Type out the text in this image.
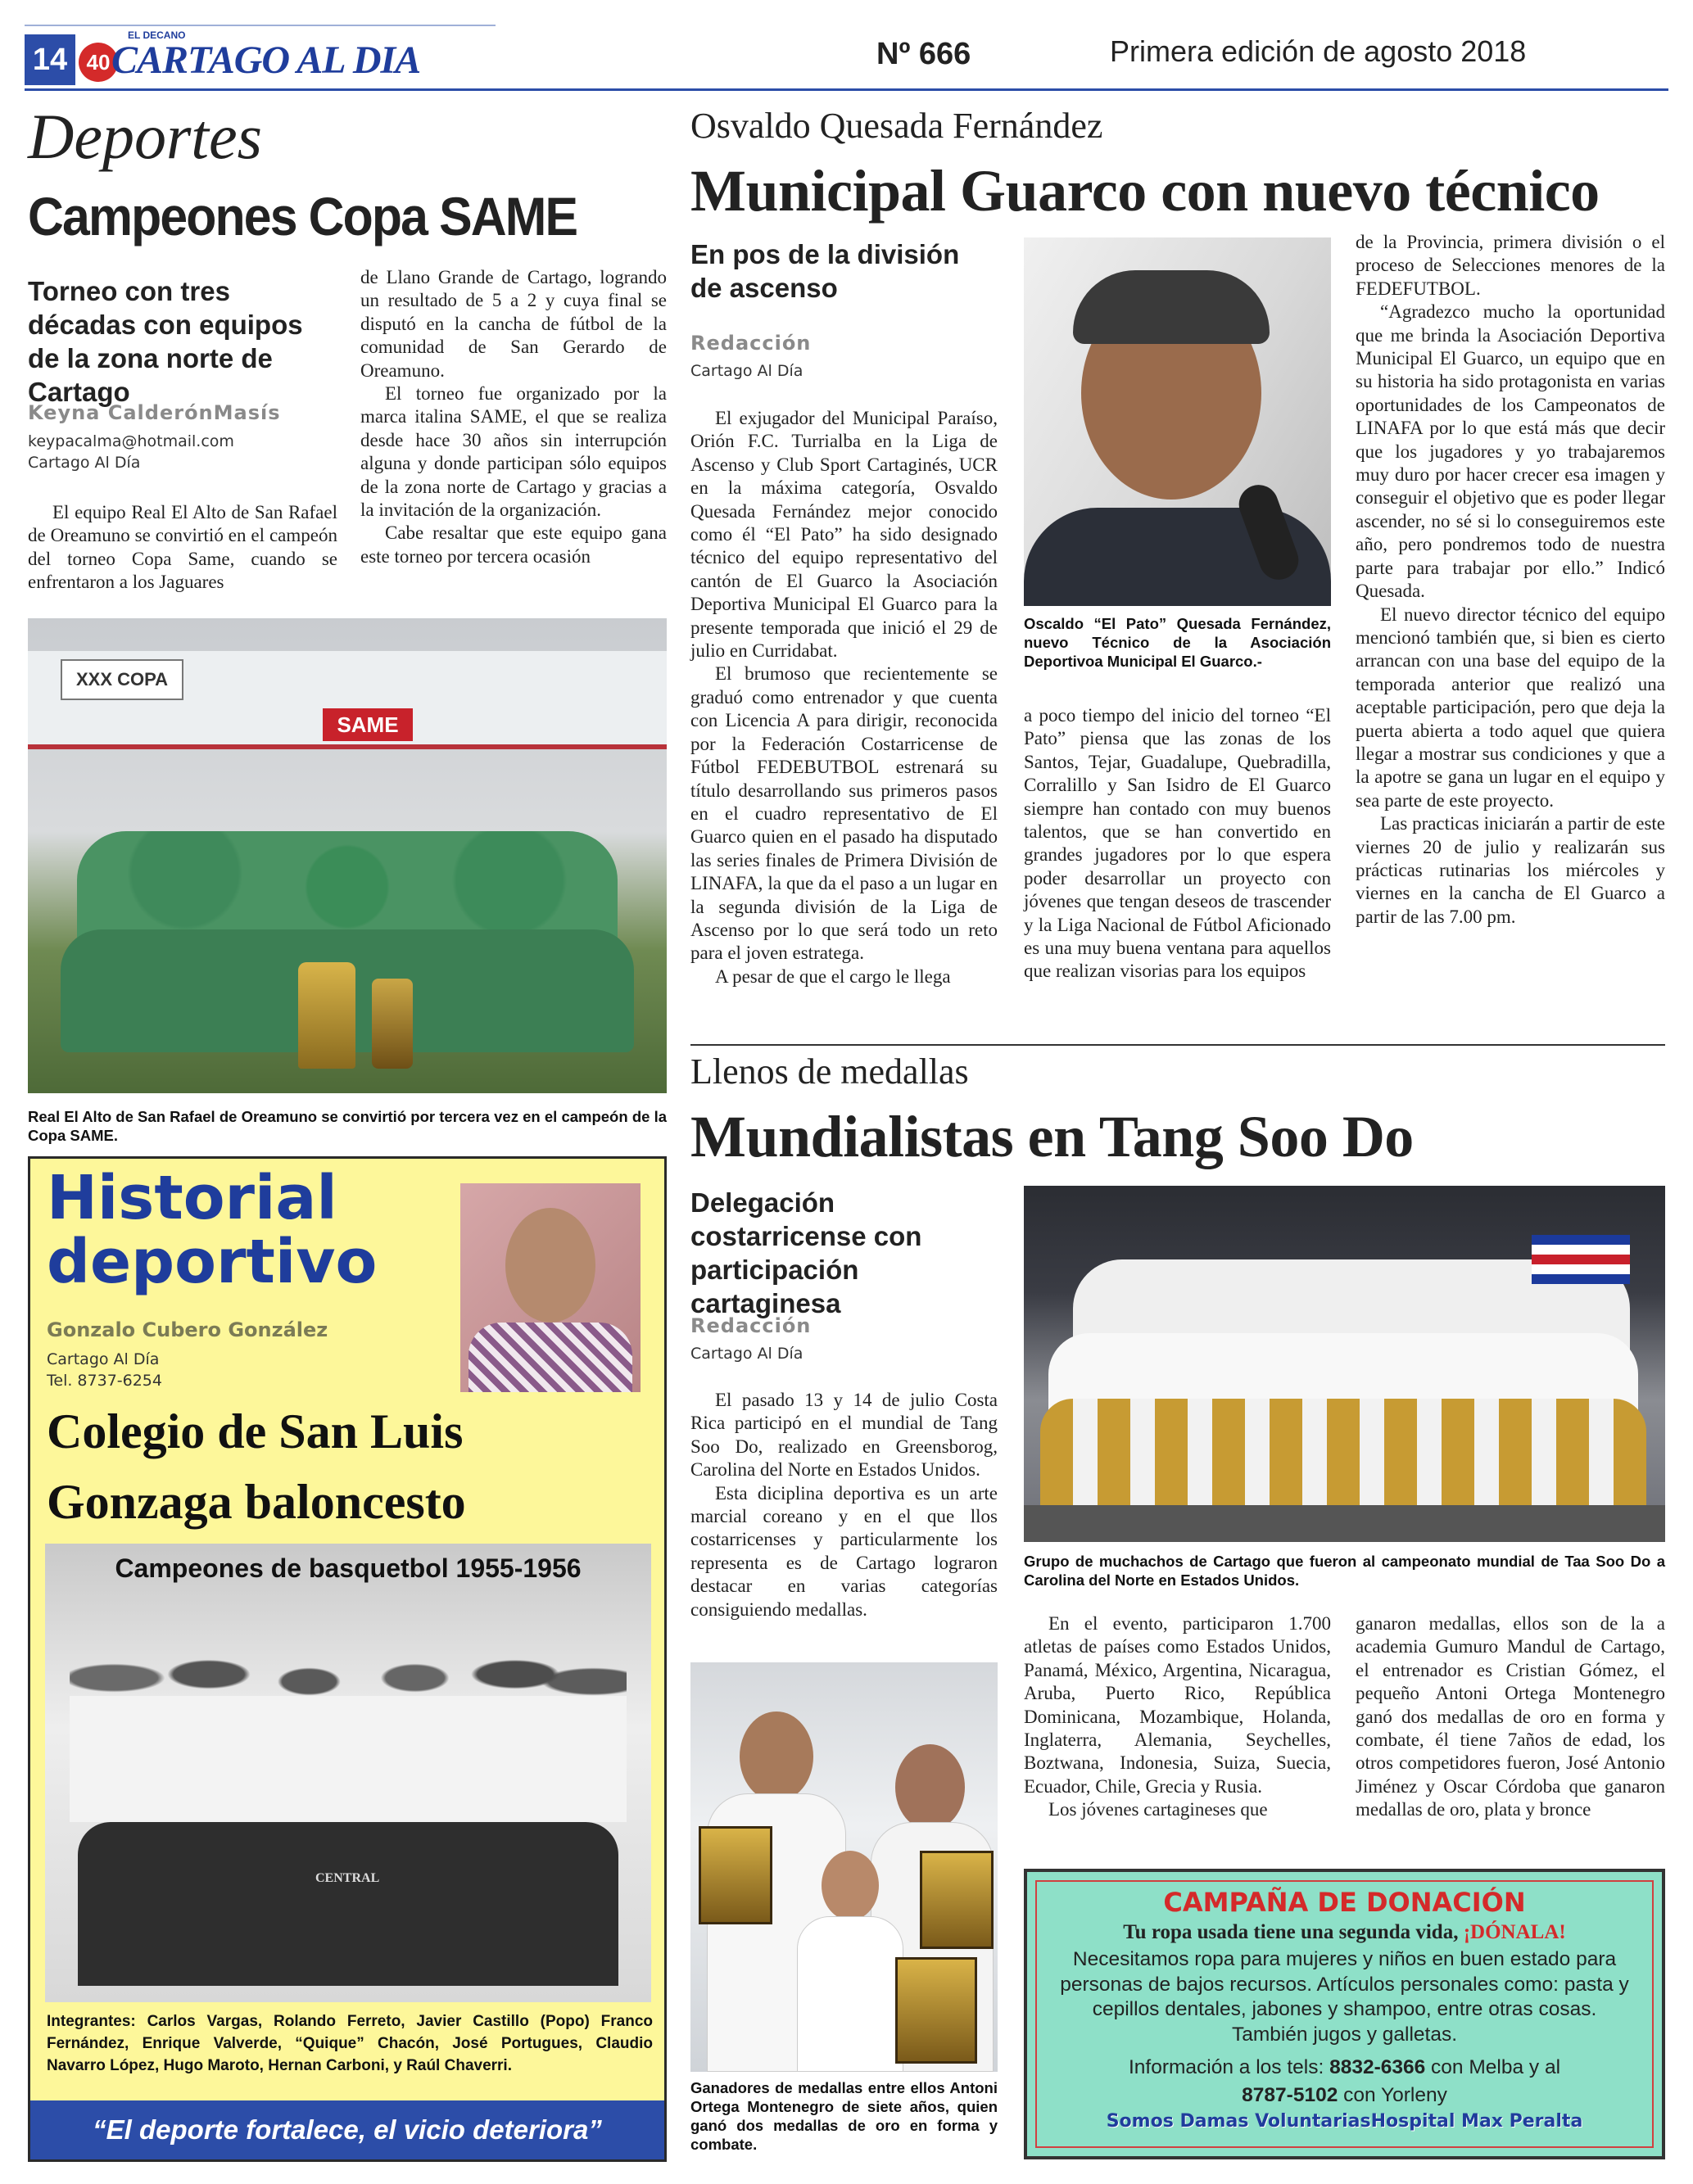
14
EL DECANO
40 CARTAGO AL DIA	Nº 666	Primera edición de agosto 2018
Deportes
Campeones Copa SAME
Torneo con tres décadas con equipos de la zona norte de Cartago
Keyna CalderónMasís
keypacalma@hotmail.com
Cartago Al Día

El equipo Real El Alto de San Rafael de Oreamuno se convirtió en el campeón del torneo Copa Same, cuando se enfrentaron a los Jaguares

de Llano Grande de Cartago, logrando un resultado de 5 a 2 y cuya final se disputó en la cancha de fútbol de la comunidad de San Gerardo de Oreamuno.

El torneo fue organizado por la marca italina SAME, el que se realiza desde hace 30 años sin interrupción alguna y donde participan sólo equipos de la zona norte de Cartago y gracias a la invitación de la organización.

Cabe resaltar que este equipo gana este torneo por tercera ocasión

XXX COPA
SAME
Real El Alto de San Rafael de Oreamuno se convirtió por tercera vez en el campeón de la Copa SAME.
Historial
deportivo
Gonzalo Cubero González
Cartago Al Día
Tel. 8737-6254
Colegio de San Luis Gonzaga baloncesto
Campeones de basquetbol 1955-1956
CENTRAL
Integrantes: Carlos Vargas, Rolando Ferreto, Javier Castillo (Popo) Franco Fernández, Enrique Valverde, “Quique” Chacón, José Portugues, Claudio Navarro López, Hugo Maroto, Hernan Carboni, y Raúl Chaverri.
“El deporte fortalece, el vicio deteriora”
Osvaldo Quesada Fernández
Municipal Guarco con nuevo técnico
En pos de la división de ascenso
Redacción
Cartago Al Día

El exjugador del Municipal Paraíso, Orión F.C. Turrialba en la Liga de Ascenso y Club Sport Cartaginés, UCR en la máxima categoría, Osvaldo Quesada Fernández mejor conocido como él “El Pato” ha sido designado técnico del equipo representativo del cantón de El Guarco la Asociación Deportiva Municipal El Guarco para la presente temporada que inició el 29 de julio en Curridabat.

El brumoso que recientemente se graduó como entrenador y que cuenta con Licencia A para dirigir, reconocida por la Federación Costarricense de Fútbol FEDEBUTBOL estrenará su título desarrollando sus primeros pasos en el cuadro representativo de El Guarco quien en el pasado ha disputado las series finales de Primera División de LINAFA, la que da el paso a un lugar en la segunda división de la Liga de Ascenso por lo que será todo un reto para el joven estratega.

A pesar de que el cargo le llega

Oscaldo “El Pato” Quesada Fernández, nuevo Técnico de la Asociación Deportivoa Municipal El Guarco.-

a poco tiempo del inicio del torneo “El Pato” piensa que las zonas de los Santos, Tejar, Guadalupe, Quebradilla, Corralillo y San Isidro de El Guarco siempre han contado con muy buenos talentos, que se han convertido en grandes jugadores por lo que espera poder desarrollar un proyecto con jóvenes que tengan deseos de trascender y la Liga Nacional de Fútbol Aficionado es una muy buena ventana para aquellos que realizan visorias para los equipos

de la Provincia, primera división o el proceso de Selecciones menores de la FEDEFUTBOL.

“Agradezco mucho la oportunidad que me brinda la Asociación Deportiva Municipal El Guarco, un equipo que en su historia ha sido protagonista en varias oportunidades de los Campeonatos de LINAFA por lo que está más que decir que los jugadores y yo trabajaremos muy duro por hacer crecer esa imagen y conseguir el objetivo que es poder llegar ascender, no sé si lo conseguiremos este año, pero pondremos todo de nuestra parte para trabajar por ello.” Indicó Quesada.

El nuevo director técnico del equipo mencionó también que, si bien es cierto arrancan con una base del equipo de la temporada anterior que realizó una aceptable participación, pero que deja la puerta abierta a todo aquel que quiera llegar a mostrar sus condiciones y que a la apotre se gana un lugar en el equipo y sea parte de este proyecto.

Las practicas iniciarán a partir de este viernes 20 de julio y realizarán sus prácticas rutinarias los miércoles y viernes en la cancha de El Guarco a partir de las 7.00 pm.

Llenos de medallas
Mundialistas en Tang Soo Do
Delegación costarricense con participación cartaginesa
Redacción
Cartago Al Día

El pasado 13 y 14 de julio Costa Rica participó en el mundial de Tang Soo Do, realizado en Greensborog, Carolina del Norte en Estados Unidos.

Esta diciplina deportiva es un arte marcial coreano y en el que llos costarricenses y particularmente los representa es de Cartago lograron destacar en varias categorías consiguiendo medallas.

Ganadores de medallas entre ellos Antoni Ortega Montenegro de siete años, quien ganó dos medallas de oro en forma y combate.
Grupo de muchachos de Cartago que fueron al campeonato mundial de Taa Soo Do a Carolina del Norte en Estados Unidos.

En el evento, participaron 1.700 atletas de países como Estados Unidos, Panamá, México, Argentina, Nicaragua, Aruba, Puerto Rico, República Dominicana, Mozambique, Holanda, Inglaterra, Alemania, Seychelles, Boztwana, Indonesia, Suiza, Suecia, Ecuador, Chile, Grecia y Rusia.

Los jóvenes cartagineses que

ganaron medallas, ellos son de la a academia Gumuro Mandul de Cartago, el entrenador es Cristian Gómez, el pequeño Antoni Ortega Montenegro ganó dos medallas de oro en forma y combate, él tiene 7años de edad, los otros competidores fueron, José Antonio Jiménez y Oscar Córdoba que ganaron medallas de oro, plata y bronce

CAMPAÑA DE DONACIÓN
Tu ropa usada tiene una segunda vida, ¡DÓNALA!
Necesitamos ropa para mujeres y niños en buen estado para personas de bajos recursos. Artículos personales como: pasta y cepillos dentales, jabones y shampoo, entre otras cosas. También jugos y galletas.
Información a los tels: 8832-6366 con Melba y al
8787-5102 con Yorleny
Somos Damas VoluntariasHospital Max Peralta
